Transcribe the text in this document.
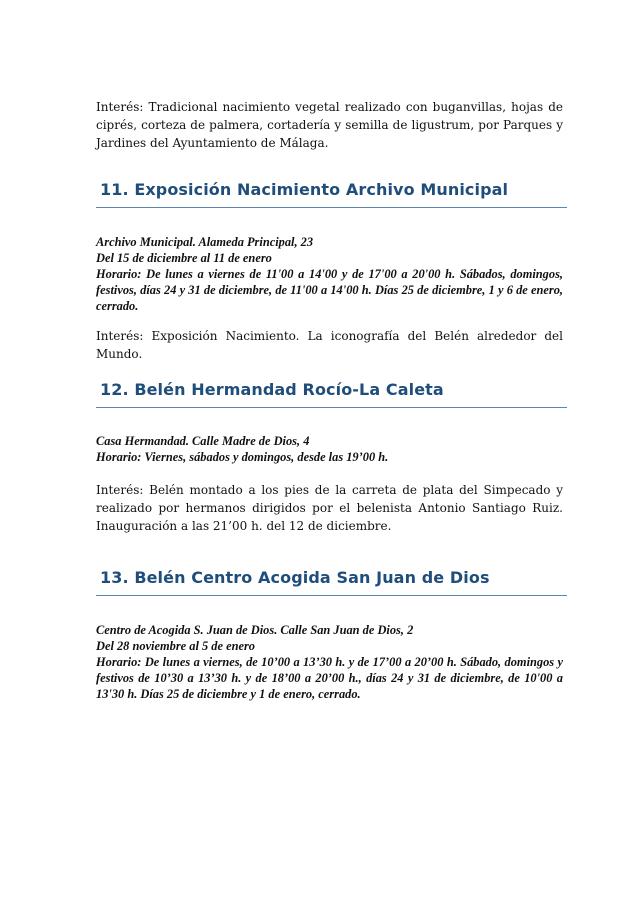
Interés: Tradicional nacimiento vegetal realizado con buganvillas, hojas de ciprés, corteza de palmera, cortadería y semilla de ligustrum, por Parques y Jardines del Ayuntamiento de Málaga.

11. Exposición Nacimiento Archivo Municipal
Archivo Municipal. Alameda Principal, 23
Del 15 de diciembre al 11 de enero
Horario: De lunes a viernes de 11'00 a 14'00 y de 17'00 a 20'00 h. Sábados, domingos, festivos, días 24 y 31 de diciembre, de 11'00 a 14'00 h. Días 25 de diciembre, 1 y 6 de enero, cerrado.

Interés: Exposición Nacimiento. La iconografía del Belén alrededor del Mundo.

12. Belén Hermandad Rocío-La Caleta
Casa Hermandad. Calle Madre de Dios, 4
Horario: Viernes, sábados y domingos, desde las 19’00 h.

Interés: Belén montado a los pies de la carreta de plata del Simpecado y realizado por hermanos dirigidos por el belenista Antonio Santiago Ruiz. Inauguración a las 21’00 h. del 12 de diciembre.

13. Belén Centro Acogida San Juan de Dios
Centro de Acogida S. Juan de Dios. Calle San Juan de Dios, 2
Del 28 noviembre al 5 de enero
Horario: De lunes a viernes, de 10’00 a 13’30 h. y de 17’00 a 20’00 h. Sábado, domingos y festivos de 10’30 a 13’30 h. y de 18’00 a 20’00 h., días 24 y 31 de diciembre, de 10'00 a 13'30 h. Días 25 de diciembre y 1 de enero, cerrado.
